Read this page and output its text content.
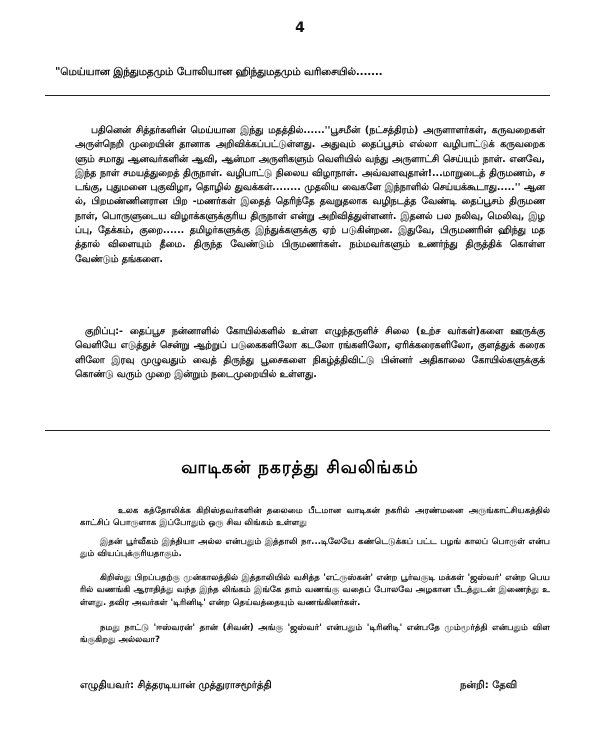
4
"மெய்யான இந்துமதமும் போலியான ஹிந்துமதமும் வரிசையில்.......
பதினென் சித்தர்களின் மெய்யான இந்து மதத்தில்......''பூசமீன் (நட்சத்திரம்) அருளாளர்கள், கருவறைகள் அருள்நெறி முறையின் தானாக அறிவிக்கப்பட்டுள்ளது. அதுவும் தைப்பூசம் எல்லா வழிபாட்டுக் கருவறைகளும் சமாது ஆனவர்களின் ஆவி, ஆன்மா அருளிகளும் வெளியில் வந்து அருளாட்சி செய்யும் நாள். எனவே, இந்த நாள் சமயத்துறைத் திருநாள். வழிபாட்டு நிலைய விழாநாள். அவ்வளவுதான்!...மாறுடைத் திருமணம், சடங்கு, புதுமனை புகுவிழா, தொழில் துவக்கள்........ முதலிய வைகளே இந்நாளில் செய்யக்கூடாது.....'' ஆனல், பிறமண்ணினரான பிற -மணர்கள் இதைத் தெரிந்தே தவறுதலாக வழிநடத்த வேண்டி தைப்பூசம் திருமண நாள், பொருளுடைய விழாக்களுக்குரிய திருநாள் என்று அறிவித்துள்ளனர். இதனல் பல நலிவு, மெலிவு, இழப்பு, தேக்கம், குறை...... தமிழர்களுக்கு இந்துக்களுக்கு ஏற் படுகின்றன. இதுவே, பிருமணரின் ஹிந்து மதத்தால் விளையும் தீமை. திருந்த வேண்டும் பிருமணர்கள். நம்மவர்களும் உணர்ந்து திருத்திக் கொள்ள வேண்டும் தங்களை.
குறிப்பு:- தைப்பூச நன்னாளில் கோயில்களில் உள்ள எழுந்தருளிச் சிலை (உற்ச வர்கள்)களை ஊருக்கு வெளியே எடுத்துச் சென்று ஆற்றுப் படுகைகளிலோ கடலோ ரங்களிலோ, ஏரிக்கரைகளிலோ, குளத்துக் கரைகளிலோ இரவு முழுவதும் வைத் திருந்து பூசைகளை நிகழ்த்திவிட்டு பின்னர் அதிகாலை கோயில்களுக்குக் கொண்டு வரும் முறை இன்றும் நடைமுறையில் உள்ளது.
வாடிகன் நகரத்து சிவலிங்கம்
உலக கத்தோலிக்க கிறிஸ்தவர்களின் தலைமை பீடமான வாடிகன் நகரில் அரண்மனை அருங்காட்சியகத்தில் காட்சிப் பொருளாக இப்போதும் ஒரு சிவ லிங்கம் உள்ளது
இதன் பூர்வீகம் இந்தியா அல்ல என்பதும் இத்தாலி நா...டிலேயே கண்டெடுக்கப் பட்ட பழங் காலப் பொருள் என்பதும் வியப்புக்குரியதாகும்.
கிறிஸ்து பிறப்பதற்கு முன்காலத்தில் இத்தாலியில் வசித்த 'எட்ருஸ்கன்' என்ற பூர்வகுடி மக்கள் 'ஜஸ்வர்' என்ற பெயரில் வணங்கி ஆராதித்து வந்த இந்த லிங்கம் இங்கே தாம் வணங்கு வதைப் போலவே அழகான பீடத்துடன் இணைந்து உள்ளது. தவிர அவர்கள் 'டிரினிடி' என்ற தெய்வத்தையும் வணங்கினர்கள்.
நமது நாட்டு 'ஈஸ்வரன்' தான் (சிவன்) அங்கு 'ஜஸ்வர்' என்பதும் 'டிரினிடி' என்பதே மும்மூர்த்தி என்பதும் விளங்குகிறது அல்லவா?
எழுதியவர்: சித்தரடியான் முத்துராசமூர்த்தி	நன்றி: தேவி
